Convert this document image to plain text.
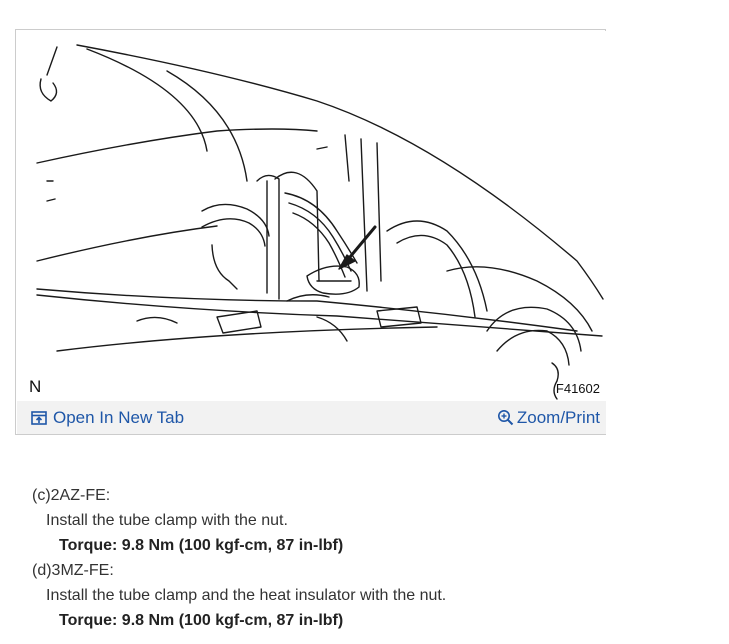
N	F41602
Open In New Tab	Zoom/Print
(c)2AZ-FE:
Install the tube clamp with the nut.
Torque: 9.8 Nm (100 kgf-cm, 87 in-lbf)
(d)3MZ-FE:
Install the tube clamp and the heat insulator with the nut.
Torque: 9.8 Nm (100 kgf-cm, 87 in-lbf)
